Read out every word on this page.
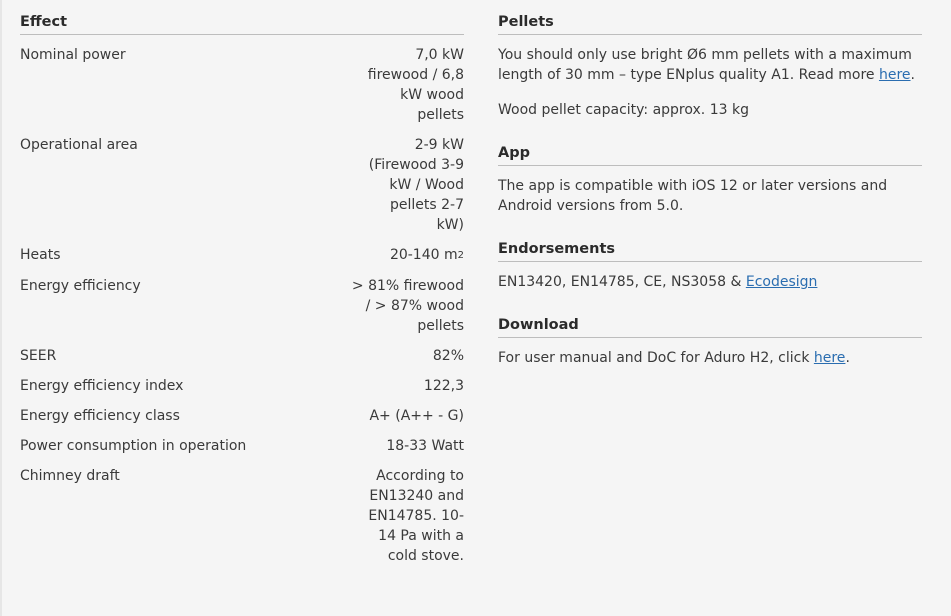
Effect
Nominal power	7,0 kW firewood / 6,8 kW wood pellets
Operational area	2-9 kW (Firewood 3-9 kW / Wood pellets 2-7 kW)
Heats	20-140 $m^2$
Energy efficiency	> 81% firewood / > 87% wood pellets
SEER	82%
Energy efficiency index	122,3
Energy efficiency class	A+ (A++ - G)
Power consumption in operation	18-33 Watt
Chimney draft	According to EN13240 and EN14785. 10-14 Pa with a cold stove.
Pellets

You should only use bright Ø6 mm pellets with a maximum length of 30 mm – type ENplus quality A1. Read more here.

Wood pellet capacity: approx. 13 kg

App

The app is compatible with iOS 12 or later versions and Android versions from 5.0.

Endorsements

EN13420, EN14785, CE, NS3058 & Ecodesign

Download

For user manual and DoC for Aduro H2, click here.
